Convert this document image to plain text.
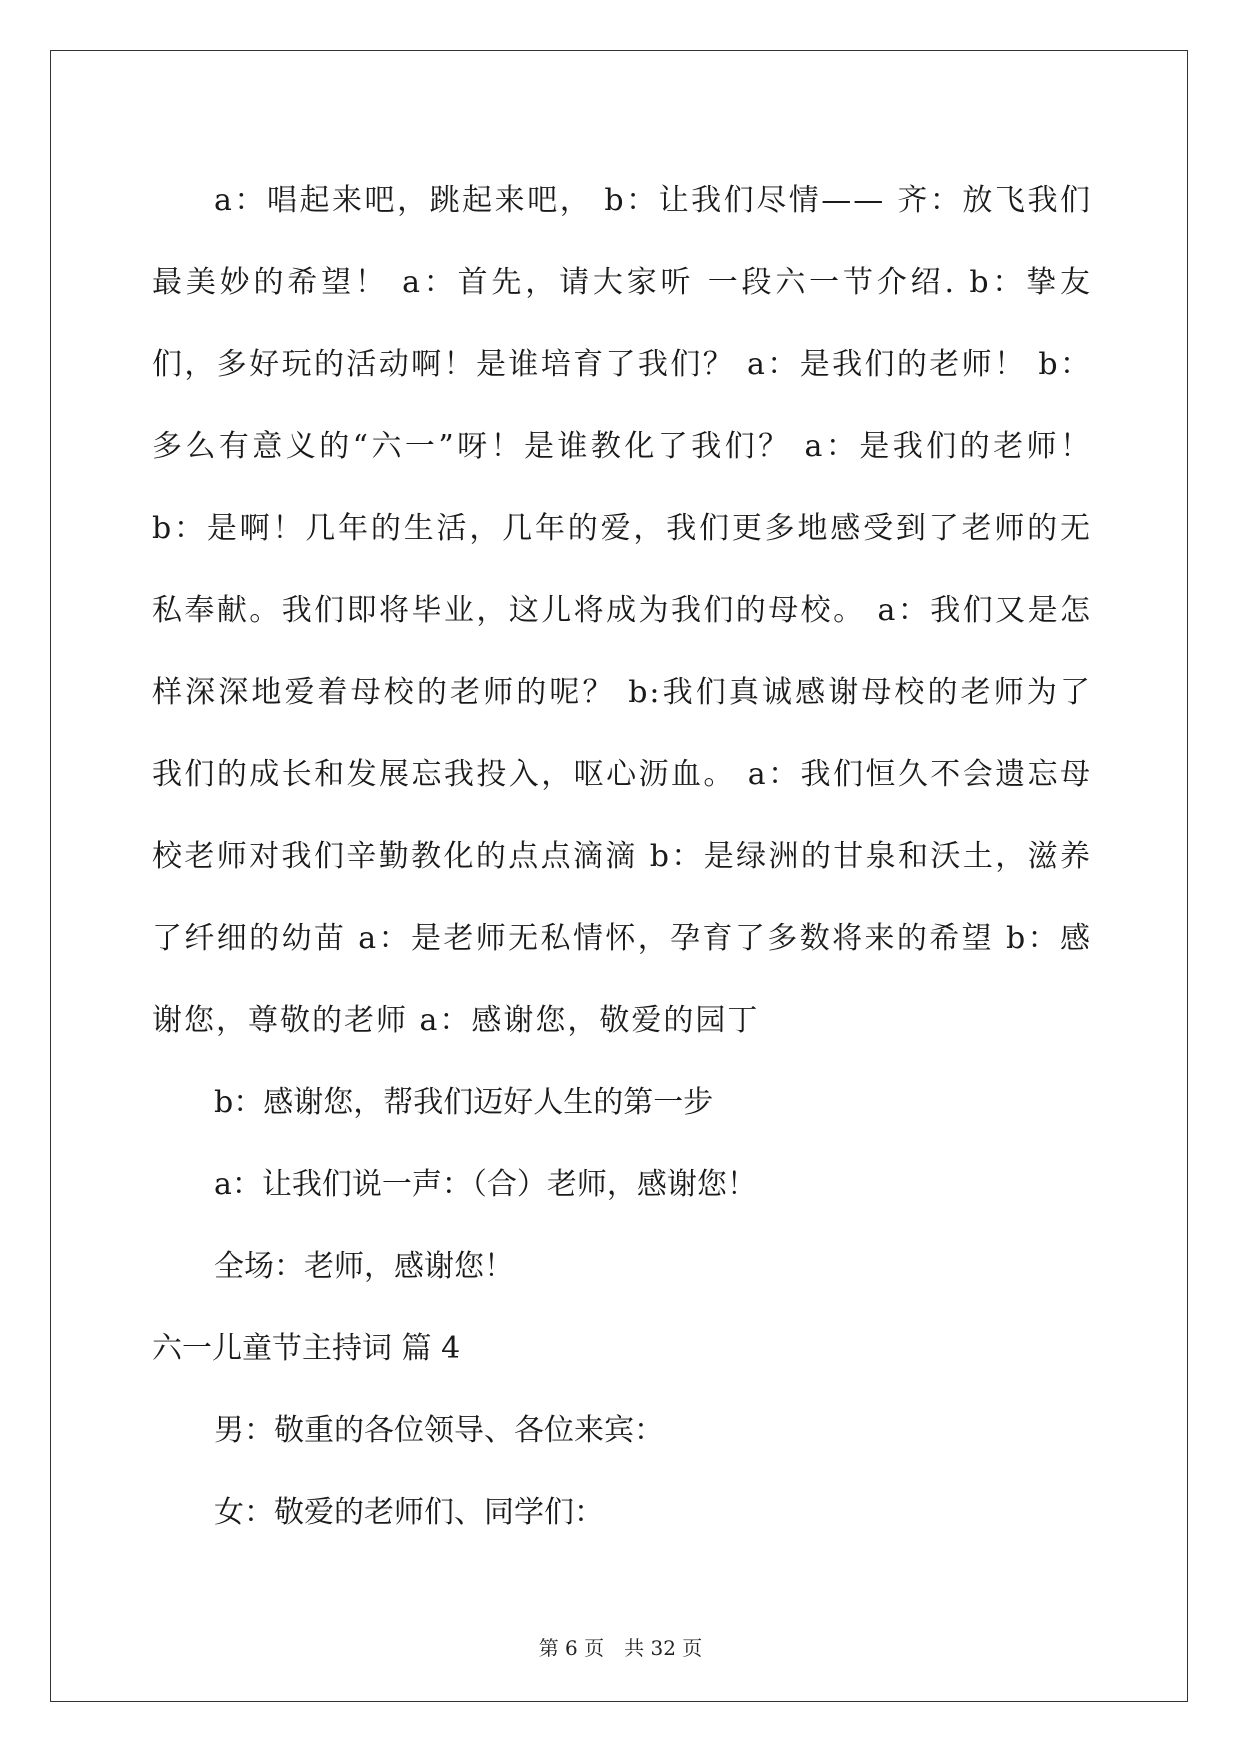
a：唱起来吧，跳起来吧， b：让我们尽情—— 齐：放飞我们最美妙的希望！ a：首先，请大家听 一段六一节介绍. b：挚友们，多好玩的活动啊！是谁培育了我们？ a：是我们的老师！ b：多么有意义的“六一”呀！是谁教化了我们？ a：是我们的老师！ b：是啊！几年的生活，几年的爱，我们更多地感受到了老师的无私奉献。我们即将毕业，这儿将成为我们的母校。 a：我们又是怎样深深地爱着母校的老师的呢？ b:我们真诚感谢母校的老师为了我们的成长和发展忘我投入，呕心沥血。 a：我们恒久不会遗忘母校老师对我们辛勤教化的点点滴滴 b：是绿洲的甘泉和沃土，滋养了纤细的幼苗 a：是老师无私情怀，孕育了多数将来的希望 b：感谢您，尊敬的老师 a：感谢您，敬爱的园丁

b：感谢您，帮我们迈好人生的第一步
a：让我们说一声：（合）老师，感谢您！
全场：老师，感谢您！
六一儿童节主持词 篇 4
男：敬重的各位领导、各位来宾：
女：敬爱的老师们、同学们：
第 6 页　共 32 页
